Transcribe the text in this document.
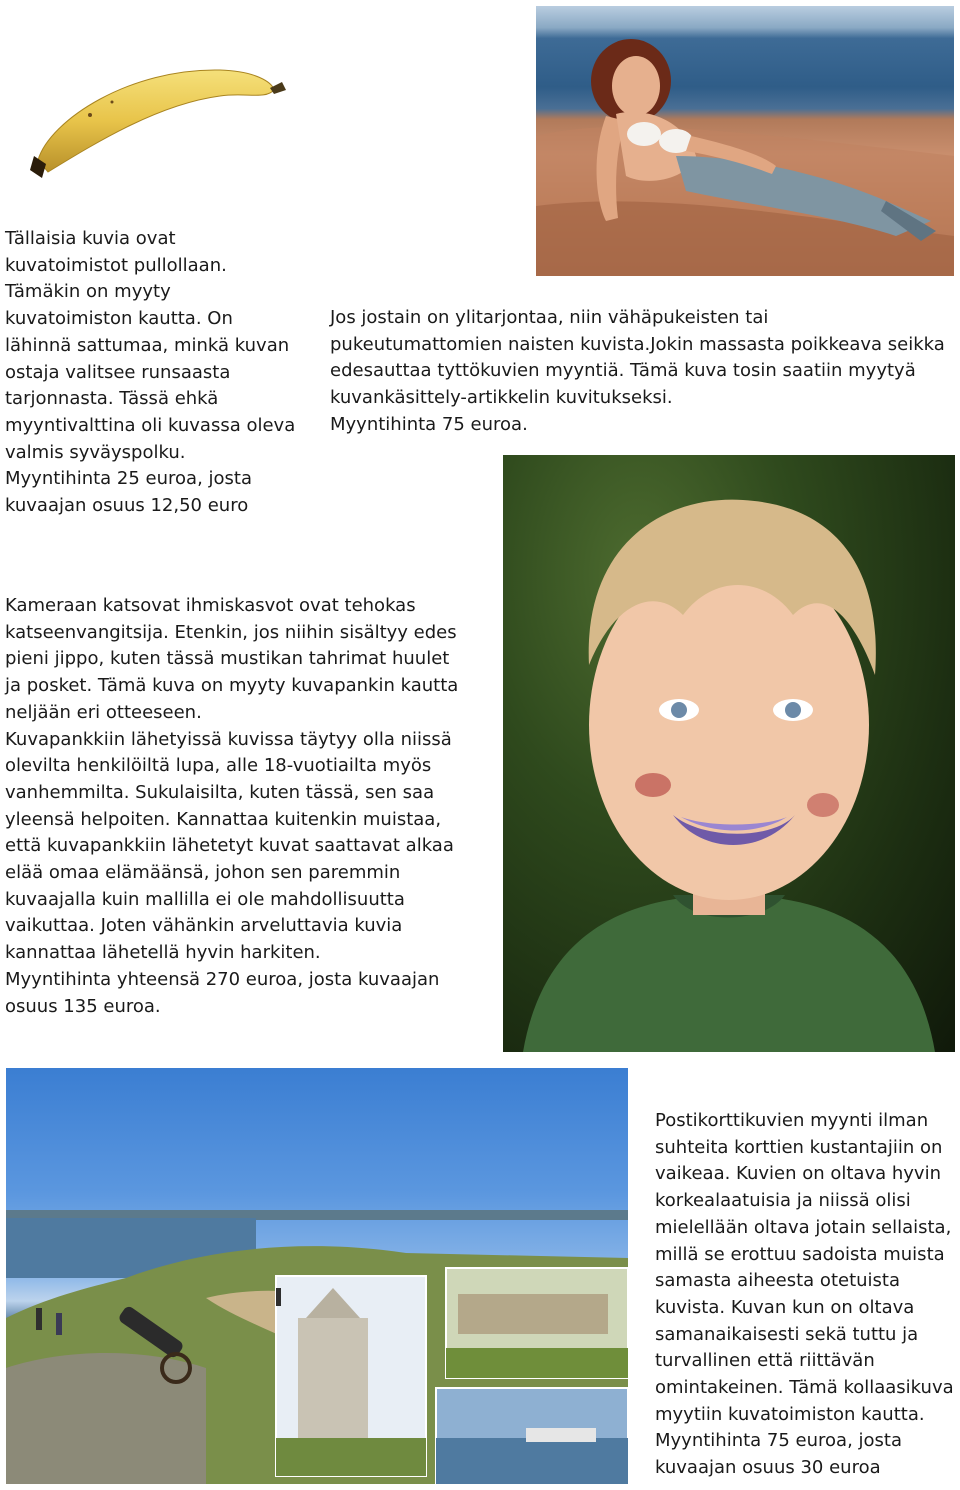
Tällaisia kuvia ovat
kuvatoimistot pullollaan.
Tämäkin on myyty
kuvatoimiston kautta. On
lähinnä sattumaa, minkä kuvan
ostaja valitsee runsaasta
tarjonnasta. Tässä ehkä
myyntivalttina oli kuvassa oleva
valmis syväyspolku.
Myyntihinta 25 euroa, josta
kuvaajan osuus 12,50 euro

Jos jostain on ylitarjontaa, niin vähäpukeisten tai
pukeutumattomien naisten kuvista.Jokin massasta poikkeava seikka
edesauttaa tyttökuvien myyntiä. Tämä kuva tosin saatiin myytyä
kuvankäsittely-artikkelin kuvitukseksi.
Myyntihinta 75 euroa.

Kameraan katsovat ihmiskasvot ovat tehokas
katseenvangitsija. Etenkin, jos niihin sisältyy edes
pieni jippo, kuten tässä mustikan tahrimat huulet
ja posket. Tämä kuva on myyty kuvapankin kautta
neljään eri otteeseen.
Kuvapankkiin lähetyissä kuvissa täytyy olla niissä
olevilta henkilöiltä lupa, alle 18-vuotiailta myös
vanhemmilta. Sukulaisilta, kuten tässä, sen saa
yleensä helpoiten. Kannattaa kuitenkin muistaa,
että kuvapankkiin lähetetyt kuvat saattavat alkaa
elää omaa elämäänsä, johon sen paremmin
kuvaajalla kuin mallilla ei ole mahdollisuutta
vaikuttaa. Joten vähänkin arveluttavia kuvia
kannattaa lähetellä hyvin harkiten.
Myyntihinta yhteensä 270 euroa, josta kuvaajan
osuus 135 euroa.

Postikorttikuvien myynti ilman
suhteita korttien kustantajiin on
vaikeaa. Kuvien on oltava hyvin
korkealaatuisia ja niissä olisi
mielellään oltava jotain sellaista,
millä se erottuu sadoista muista
samasta aiheesta otetuista
kuvista. Kuvan kun on oltava
samanaikaisesti sekä tuttu ja
turvallinen että riittävän
omintakeinen. Tämä kollaasikuva
myytiin kuvatoimiston kautta.
Myyntihinta 75 euroa, josta
kuvaajan osuus 30 euroa
